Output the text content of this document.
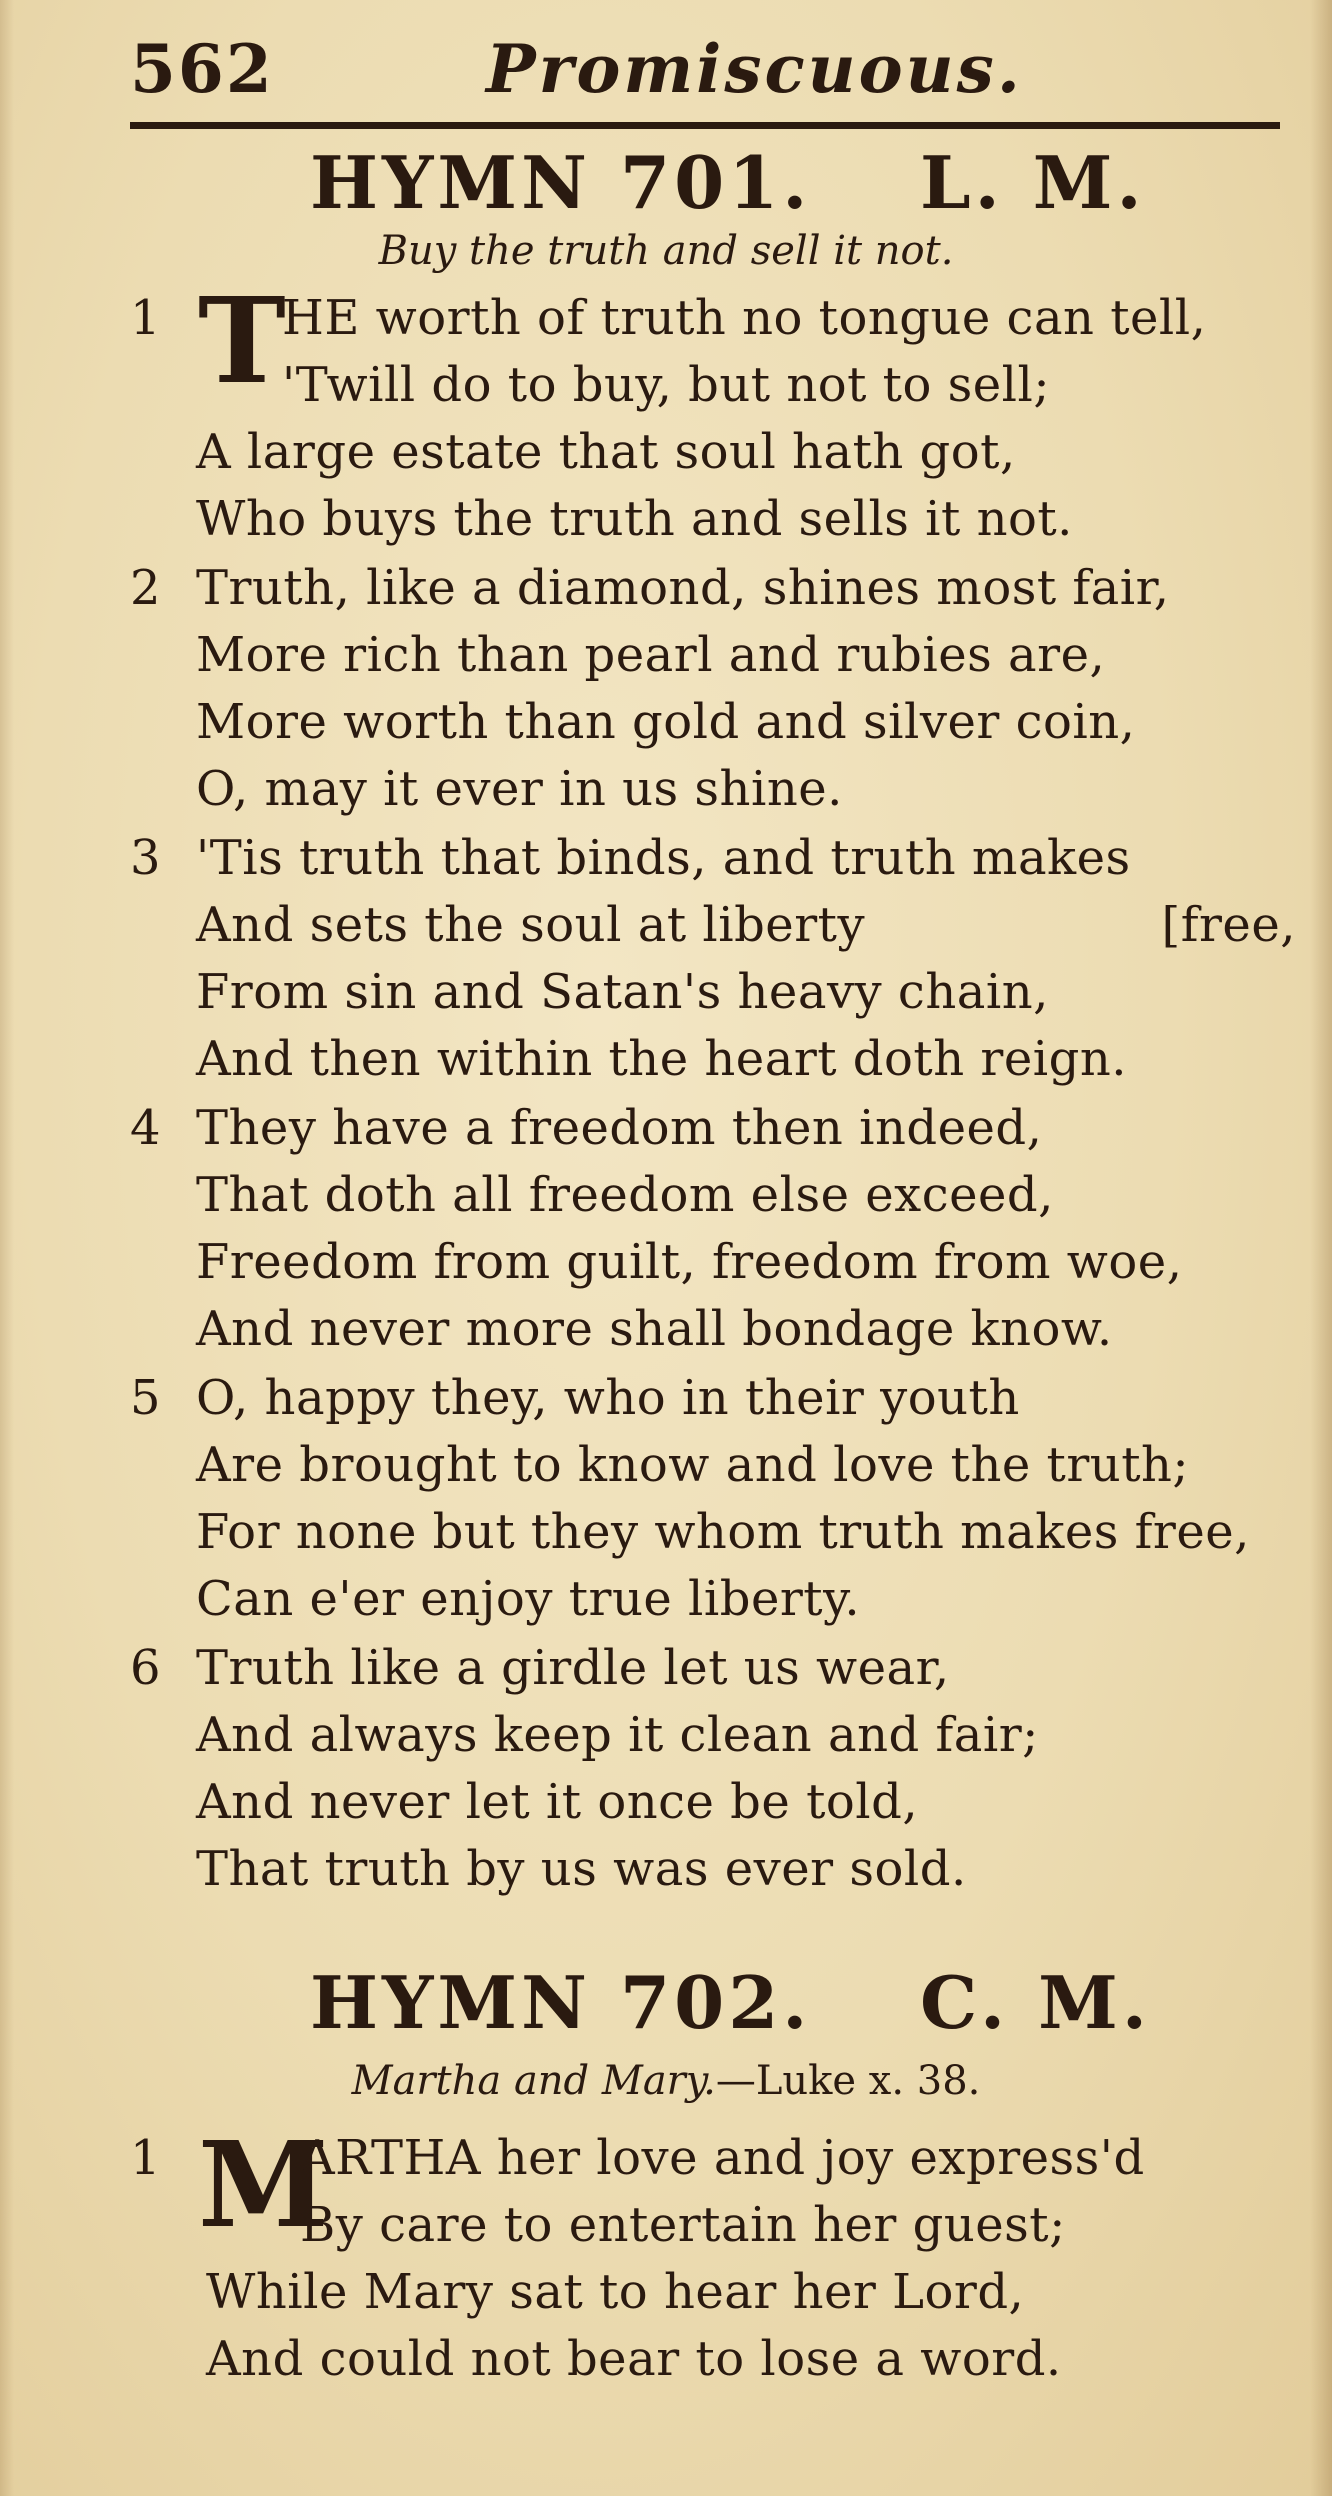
562	Promiscuous.
HYMN 701. L. M.
Buy the truth and sell it not.
1 T
HE worth of truth no tongue can tell,
'Twill do to buy, but not to sell;
A large estate that soul hath got,
Who buys the truth and sells it not.
2 Truth, like a diamond, shines most fair,
More rich than pearl and rubies are,
More worth than gold and silver coin,
O, may it ever in us shine.
3 'Tis truth that binds, and truth makes
And sets the soul at liberty	[free,
From sin and Satan's heavy chain,
And then within the heart doth reign.
4 They have a freedom then indeed,
That doth all freedom else exceed,
Freedom from guilt, freedom from woe,
And never more shall bondage know.
5 O, happy they, who in their youth
Are brought to know and love the truth;
For none but they whom truth makes free,
Can e'er enjoy true liberty.
6 Truth like a girdle let us wear,
And always keep it clean and fair;
And never let it once be told,
That truth by us was ever sold.
HYMN 702. C. M.
Martha and Mary.—Luke x. 38.
1 M
ARTHA her love and joy express'd
By care to entertain her guest;
While Mary sat to hear her Lord,
And could not bear to lose a word.
